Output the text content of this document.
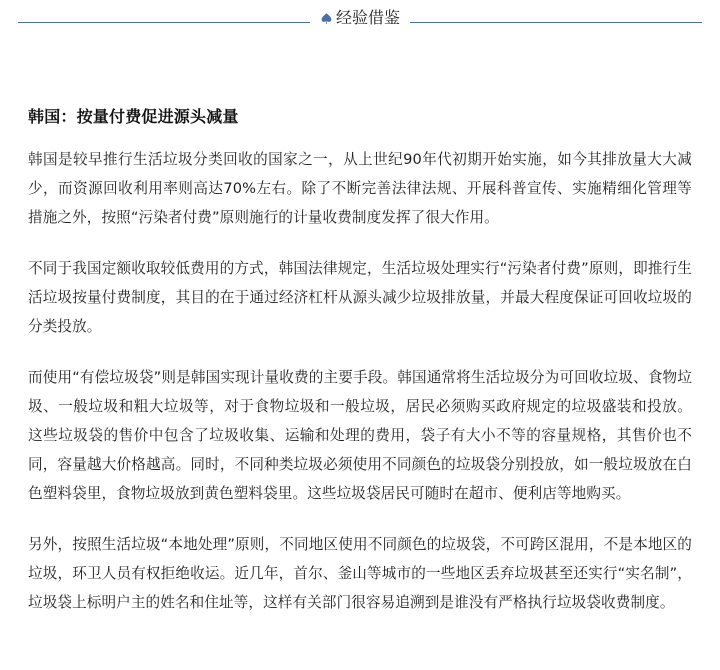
经验借鉴
韩国：按量付费促进源头减量

韩国是较早推行生活垃圾分类回收的国家之一，从上世纪90年代初期开始实施，如今其排放量大大减少，而资源回收利用率则高达70%左右。除了不断完善法律法规、开展科普宣传、实施精细化管理等措施之外，按照“污染者付费”原则施行的计量收费制度发挥了很大作用。

不同于我国定额收取较低费用的方式，韩国法律规定，生活垃圾处理实行“污染者付费”原则，即推行生活垃圾按量付费制度，其目的在于通过经济杠杆从源头减少垃圾排放量，并最大程度保证可回收垃圾的分类投放。

而使用“有偿垃圾袋”则是韩国实现计量收费的主要手段。韩国通常将生活垃圾分为可回收垃圾、食物垃圾、一般垃圾和粗大垃圾等，对于食物垃圾和一般垃圾，居民必须购买政府规定的垃圾盛装和投放。 这些垃圾袋的售价中包含了垃圾收集、运输和处理的费用，袋子有大小不等的容量规格，其售价也不同，容量越大价格越高。同时，不同种类垃圾必须使用不同颜色的垃圾袋分别投放，如一般垃圾放在白色塑料袋里，食物垃圾放到黄色塑料袋里。这些垃圾袋居民可随时在超市、便利店等地购买。

另外，按照生活垃圾“本地处理”原则，不同地区使用不同颜色的垃圾袋，不可跨区混用，不是本地区的垃圾，环卫人员有权拒绝收运。近几年，首尔、釜山等城市的一些地区丢弃垃圾甚至还实行“实名制”，垃圾袋上标明户主的姓名和住址等，这样有关部门很容易追溯到是谁没有严格执行垃圾袋收费制度。
